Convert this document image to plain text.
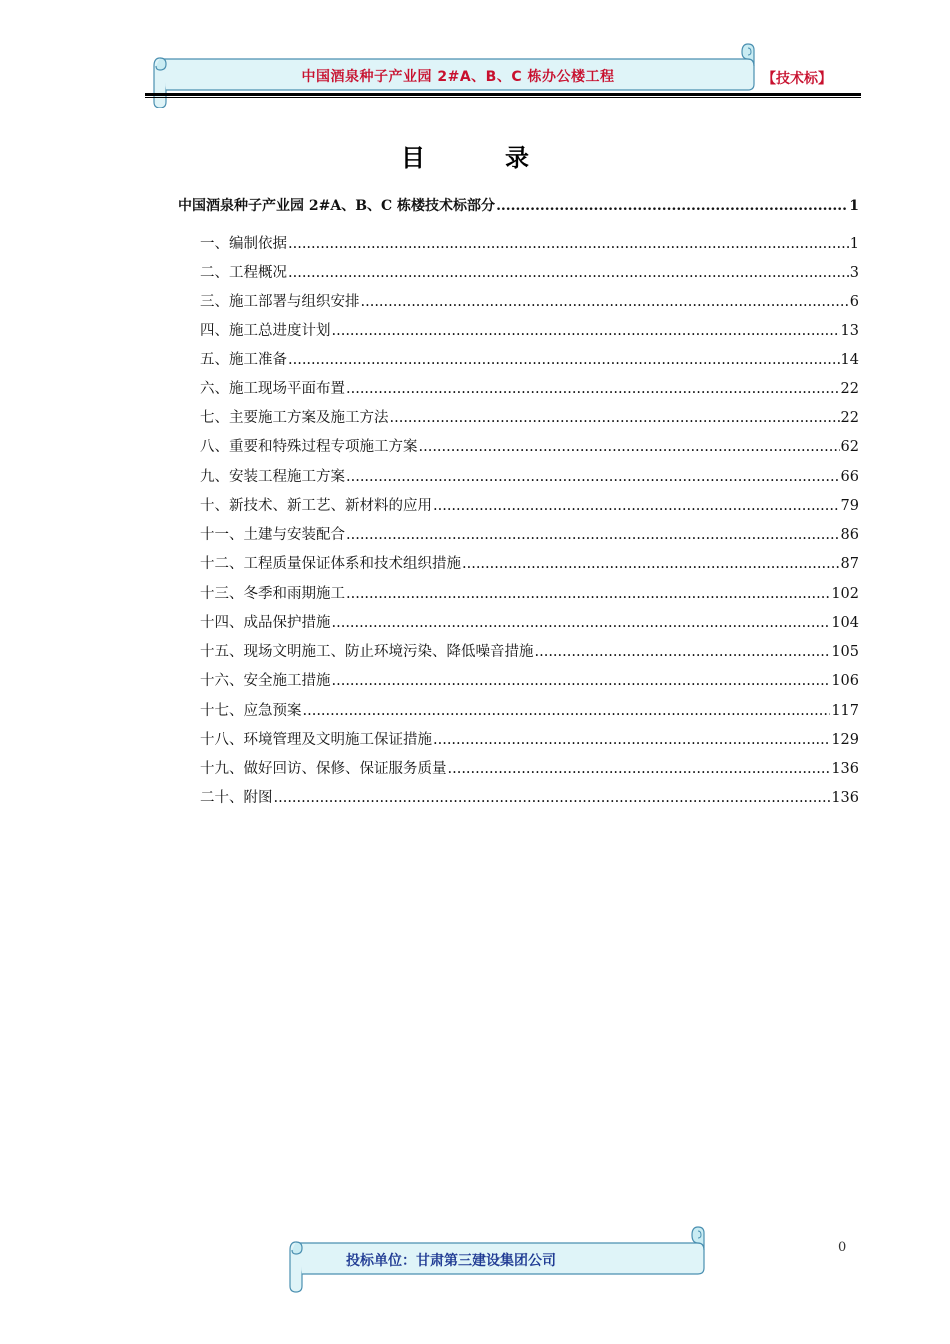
中国酒泉种子产业园 2#A、B、C 栋办公楼工程	【技术标】
目录
中国酒泉种子产业园 2#A、B、C 栋楼技术标部分 .....	1
一、编制依据 .....	1
二、工程概况 .....	3
三、施工部署与组织安排 .....	6
四、施工总进度计划 .....	13
五、施工准备 .....	14
六、施工现场平面布置 .....	22
七、主要施工方案及施工方法 .....	22
八、重要和特殊过程专项施工方案 .....	62
九、安装工程施工方案 .....	66
十、新技术、新工艺、新材料的应用 .....	79
十一、土建与安装配合 .....	86
十二、工程质量保证体系和技术组织措施 .....	87
十三、冬季和雨期施工 .....	102
十四、成品保护措施 .....	104
十五、现场文明施工、防止环境污染、降低噪音措施 .....	105
十六、安全施工措施 .....	106
十七、应急预案 .....	117
十八、环境管理及文明施工保证措施 .....	129
十九、做好回访、保修、保证服务质量 .....	136
二十、附图 .....	136
投标单位：甘肃第三建设集团公司
0
